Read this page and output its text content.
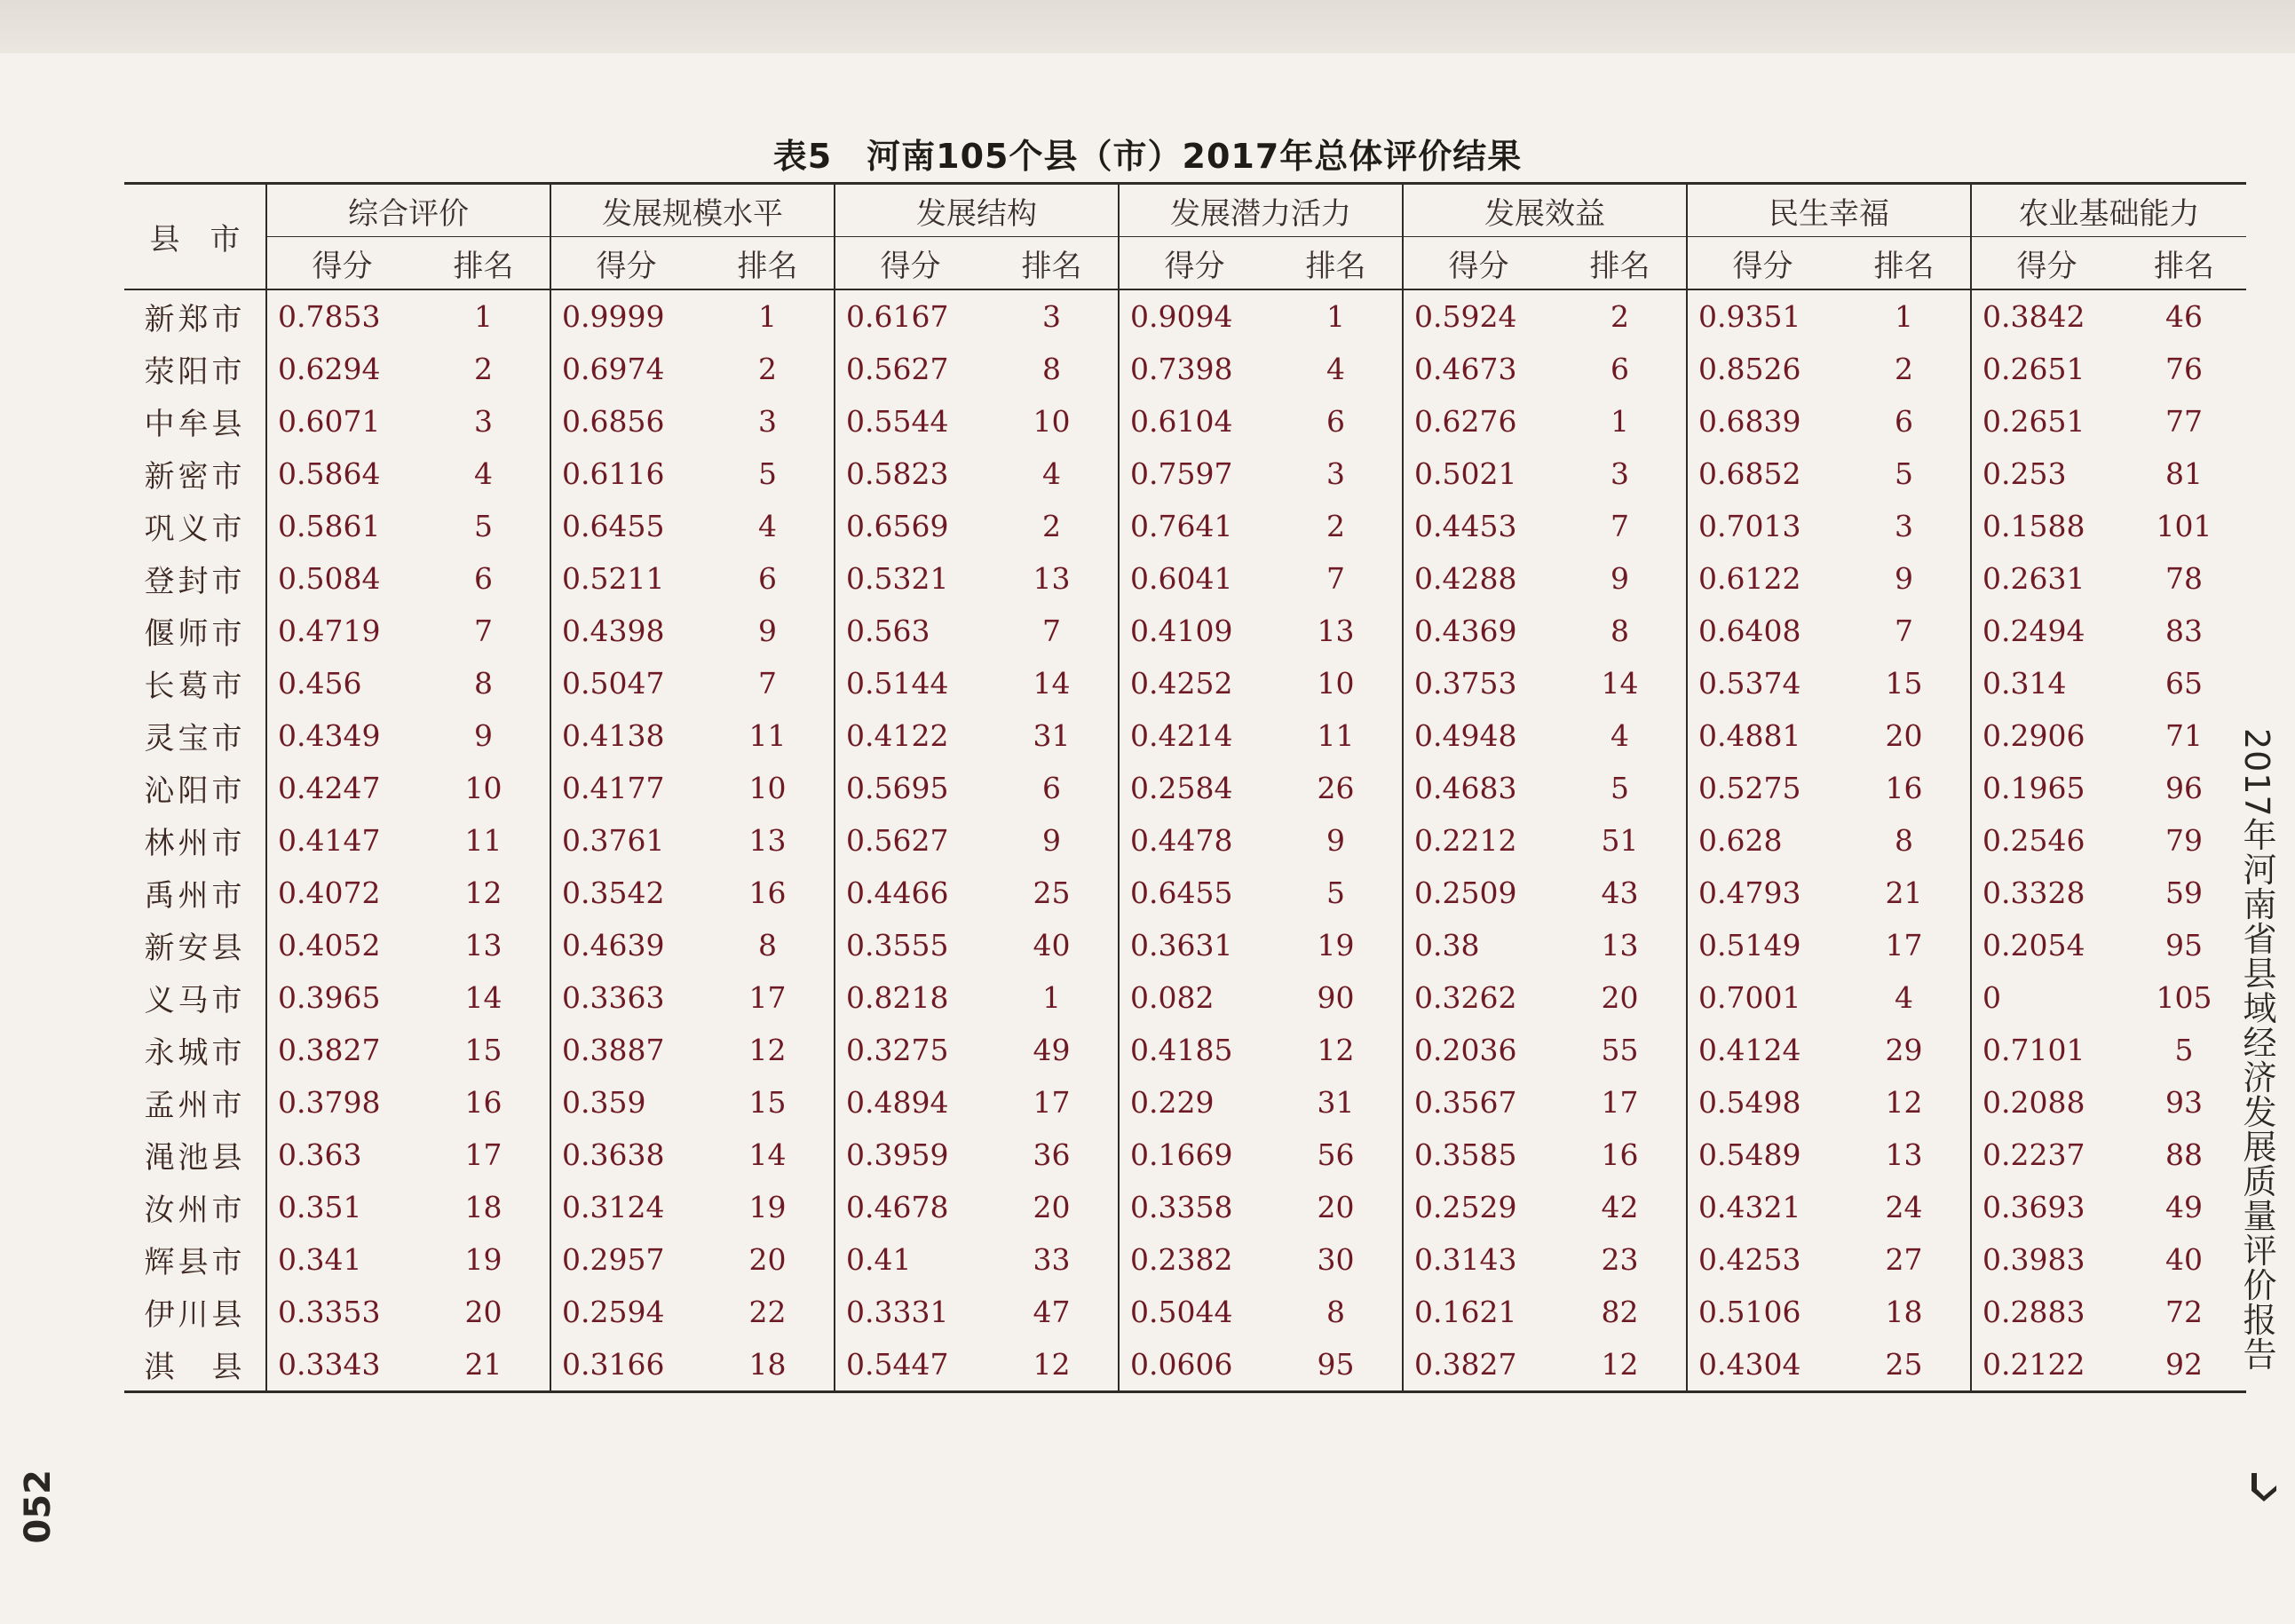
表5　河南105个县（市）2017年总体评价结果
县　市	综合评价		发展规模水平		发展结构		发展潜力活力		发展效益		民生幸福		农业基础能力	
	得分	排名	得分	排名	得分	排名	得分	排名	得分	排名	得分	排名	得分	排名
新郑市	0.7853	1	0.9999	1	0.6167	3	0.9094	1	0.5924	2	0.9351	1	0.3842	46
荥阳市	0.6294	2	0.6974	2	0.5627	8	0.7398	4	0.4673	6	0.8526	2	0.2651	76
中牟县	0.6071	3	0.6856	3	0.5544	10	0.6104	6	0.6276	1	0.6839	6	0.2651	77
新密市	0.5864	4	0.6116	5	0.5823	4	0.7597	3	0.5021	3	0.6852	5	0.253	81
巩义市	0.5861	5	0.6455	4	0.6569	2	0.7641	2	0.4453	7	0.7013	3	0.1588	101
登封市	0.5084	6	0.5211	6	0.5321	13	0.6041	7	0.4288	9	0.6122	9	0.2631	78
偃师市	0.4719	7	0.4398	9	0.563	7	0.4109	13	0.4369	8	0.6408	7	0.2494	83
长葛市	0.456	8	0.5047	7	0.5144	14	0.4252	10	0.3753	14	0.5374	15	0.314	65
灵宝市	0.4349	9	0.4138	11	0.4122	31	0.4214	11	0.4948	4	0.4881	20	0.2906	71
沁阳市	0.4247	10	0.4177	10	0.5695	6	0.2584	26	0.4683	5	0.5275	16	0.1965	96
林州市	0.4147	11	0.3761	13	0.5627	9	0.4478	9	0.2212	51	0.628	8	0.2546	79
禹州市	0.4072	12	0.3542	16	0.4466	25	0.6455	5	0.2509	43	0.4793	21	0.3328	59
新安县	0.4052	13	0.4639	8	0.3555	40	0.3631	19	0.38	13	0.5149	17	0.2054	95
义马市	0.3965	14	0.3363	17	0.8218	1	0.082	90	0.3262	20	0.7001	4	0	105
永城市	0.3827	15	0.3887	12	0.3275	49	0.4185	12	0.2036	55	0.4124	29	0.7101	5
孟州市	0.3798	16	0.359	15	0.4894	17	0.229	31	0.3567	17	0.5498	12	0.2088	93
渑池县	0.363	17	0.3638	14	0.3959	36	0.1669	56	0.3585	16	0.5489	13	0.2237	88
汝州市	0.351	18	0.3124	19	0.4678	20	0.3358	20	0.2529	42	0.4321	24	0.3693	49
辉县市	0.341	19	0.2957	20	0.41	33	0.2382	30	0.3143	23	0.4253	27	0.3983	40
伊川县	0.3353	20	0.2594	22	0.3331	47	0.5044	8	0.1621	82	0.5106	18	0.2883	72
淇　县	0.3343	21	0.3166	18	0.5447	12	0.0606	95	0.3827	12	0.4304	25	0.2122	92 2017年河南省县域经济发展质量评价报告
052
